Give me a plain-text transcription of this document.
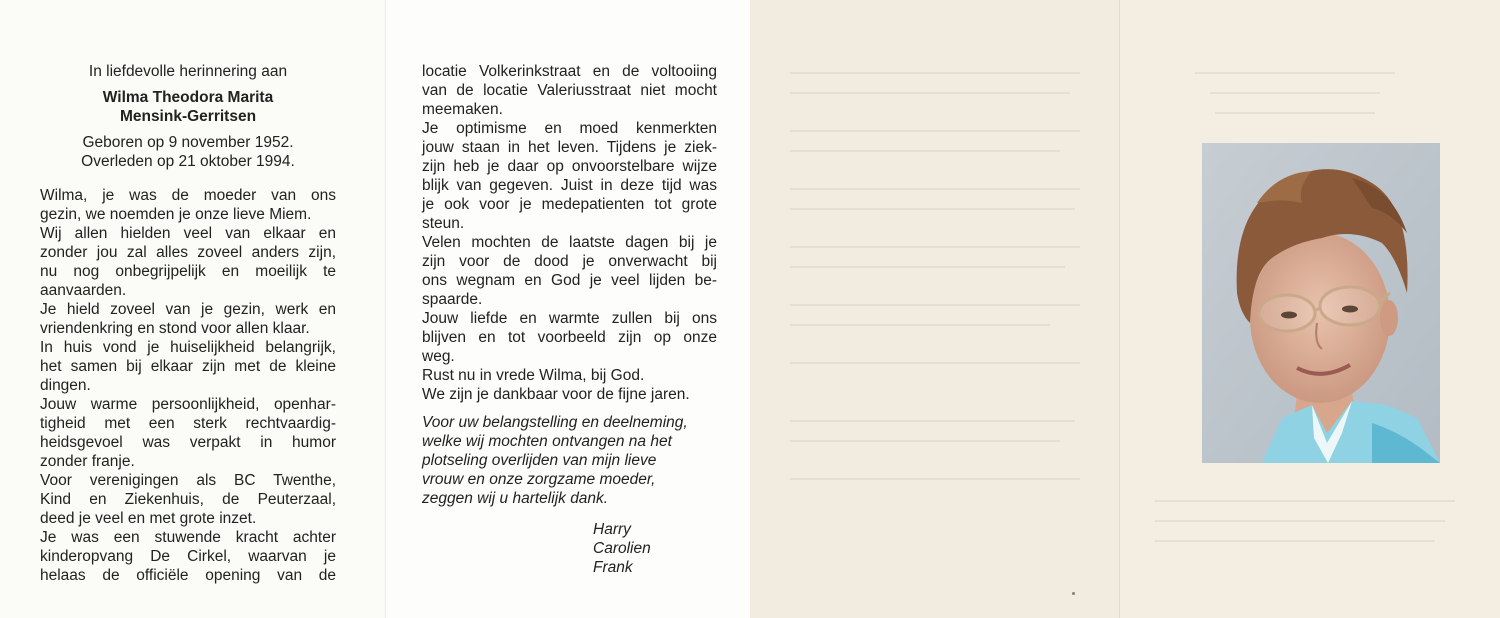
In liefdevolle herinnering aan
Wilma Theodora Marita
Mensink-Gerritsen
Geboren op 9 november 1952.
Overleden op 21 oktober 1994.
Wilma, je was de moeder van ons
gezin, we noemden je onze lieve Miem.
Wij allen hielden veel van elkaar en
zonder jou zal alles zoveel anders zijn,
nu nog onbegrijpelijk en moeilijk te
aanvaarden.
Je hield zoveel van je gezin, werk en
vriendenkring en stond voor allen klaar.
In huis vond je huiselijkheid belangrijk,
het samen bij elkaar zijn met de kleine
dingen.
Jouw warme persoonlijkheid, openhar-
tigheid met een sterk rechtvaardig-
heidsgevoel was verpakt in humor
zonder franje.
Voor verenigingen als BC Twenthe,
Kind en Ziekenhuis, de Peuterzaal,
deed je veel en met grote inzet.
Je was een stuwende kracht achter
kinderopvang De Cirkel, waarvan je
helaas de officiële opening van de
locatie Volkerinkstraat en de voltooiing
van de locatie Valeriusstraat niet mocht
meemaken.
Je optimisme en moed kenmerkten
jouw staan in het leven. Tijdens je ziek-
zijn heb je daar op onvoorstelbare wijze
blijk van gegeven. Juist in deze tijd was
je ook voor je medepatienten tot grote
steun.
Velen mochten de laatste dagen bij je
zijn voor de dood je onverwacht bij
ons wegnam en God je veel lijden be-
spaarde.
Jouw liefde en warmte zullen bij ons
blijven en tot voorbeeld zijn op onze
weg.
Rust nu in vrede Wilma, bij God.
We zijn je dankbaar voor de fijne jaren.
Voor uw belangstelling en deelneming,
welke wij mochten ontvangen na het
plotseling overlijden van mijn lieve
vrouw en onze zorgzame moeder,
zeggen wij u hartelijk dank.
Harry
Carolien
Frank
